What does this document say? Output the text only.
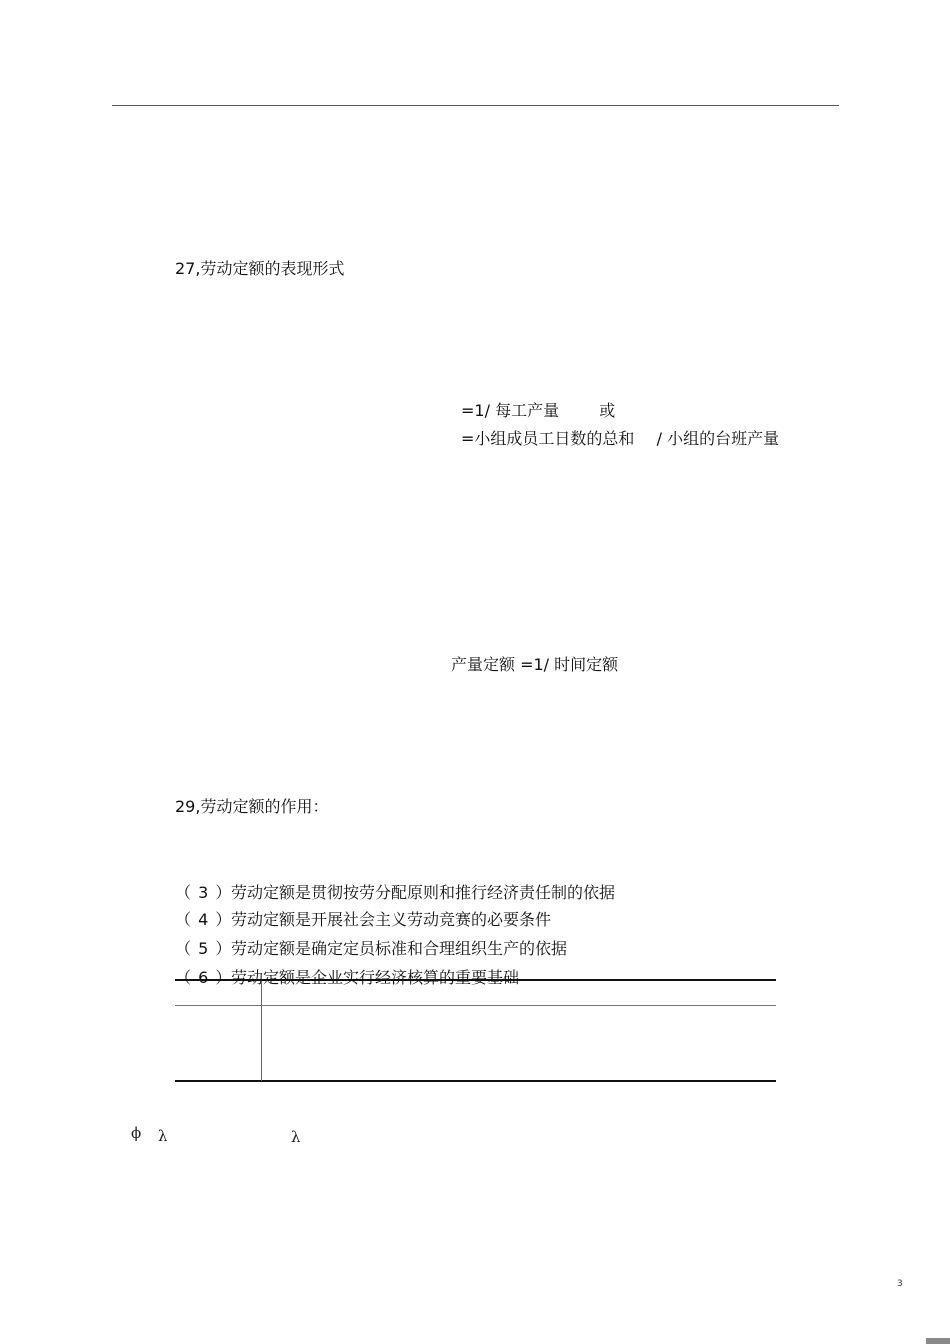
27,劳动定额的表现形式
=1/ 每工产量	或
=小组成员工日数的总和 / 小组的台班产量
产量定额 =1/ 时间定额
29,劳动定额的作用：
（ 3 ）劳动定额是贯彻按劳分配原则和推行经济责任制的依据
（ 4 ）劳动定额是开展社会主义劳动竞赛的必要条件
（ 5 ）劳动定额是确定定员标准和合理组织生产的依据
（ 6 ）劳动定额是企业实行经济核算的重要基础
ϕ λ	λ
3
